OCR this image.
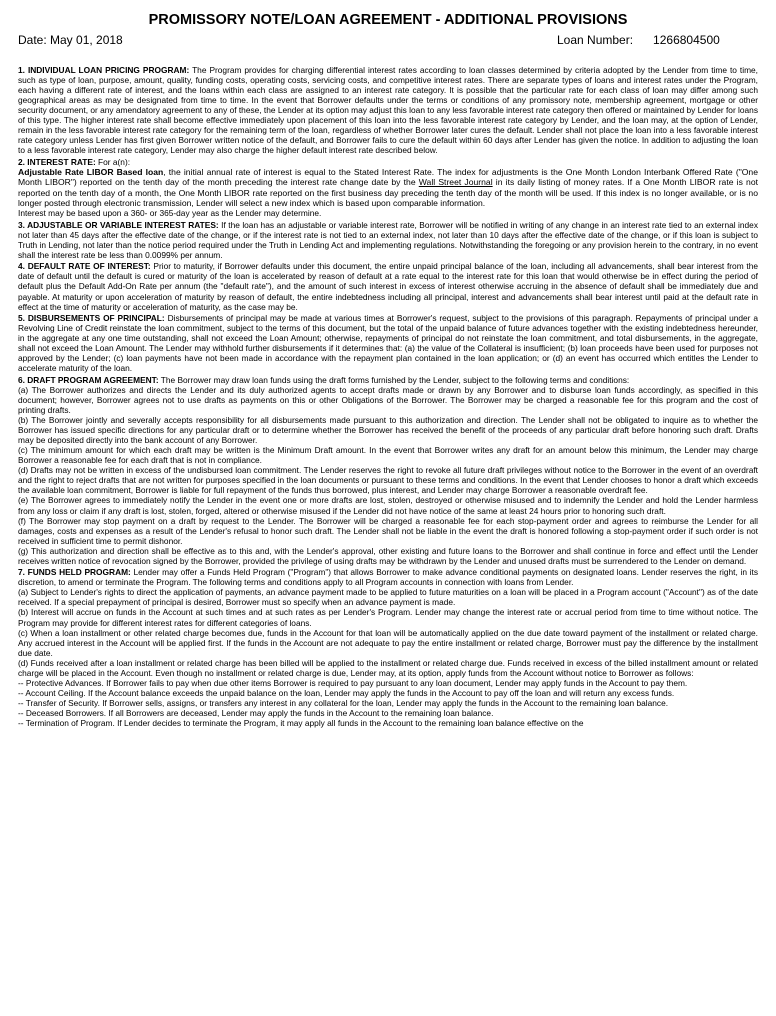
PROMISSORY NOTE/LOAN AGREEMENT - ADDITIONAL PROVISIONS
Date: May 01, 2018	Loan Number: 1266804500

1. INDIVIDUAL LOAN PRICING PROGRAM: The Program provides for charging differential interest rates according to loan classes determined by criteria adopted by the Lender from time to time, such as type of loan, purpose, amount, quality, funding costs, operating costs, servicing costs, and competitive interest rates. There are separate types of loans and interest rates under the Program, each having a different rate of interest, and the loans within each class are assigned to an interest rate category. It is possible that the particular rate for each class of loan may differ among such geographical areas as may be designated from time to time. In the event that Borrower defaults under the terms or conditions of any promissory note, membership agreement, mortgage or other security document, or any amendatory agreement to any of these, the Lender at its option may adjust this loan to any less favorable interest rate category then offered or maintained by Lender for loans of this type. The higher interest rate shall become effective immediately upon placement of this loan into the less favorable interest rate category by Lender, and the loan may, at the option of Lender, remain in the less favorable interest rate category for the remaining term of the loan, regardless of whether Borrower later cures the default. Lender shall not place the loan into a less favorable interest rate category unless Lender has first given Borrower written notice of the default, and Borrower fails to cure the default within 60 days after Lender has given the notice. In addition to adjusting the loan to a less favorable interest rate category, Lender may also charge the higher default interest rate described below.

2. INTEREST RATE: For a(n):

Adjustable Rate LIBOR Based loan, the initial annual rate of interest is equal to the Stated Interest Rate. The index for adjustments is the One Month London Interbank Offered Rate ("One Month LIBOR") reported on the tenth day of the month preceding the interest rate change date by the Wall Street Journal in its daily listing of money rates. If a One Month LIBOR rate is not reported on the tenth day of a month, the One Month LIBOR rate reported on the first business day preceding the tenth day of the month will be used. If this index is no longer available, or is no longer posted through electronic transmission, Lender will select a new index which is based upon comparable information.

Interest may be based upon a 360- or 365-day year as the Lender may determine.

3. ADJUSTABLE OR VARIABLE INTEREST RATES: If the loan has an adjustable or variable interest rate, Borrower will be notified in writing of any change in an interest rate tied to an external index not later than 45 days after the effective date of the change, or if the interest rate is not tied to an external index, not later than 10 days after the effective date of the change, or if this loan is subject to Truth in Lending, not later than the notice period required under the Truth in Lending Act and implementing regulations. Notwithstanding the foregoing or any provision herein to the contrary, in no event shall the interest rate be less than 0.0099% per annum.

4. DEFAULT RATE OF INTEREST: Prior to maturity, if Borrower defaults under this document, the entire unpaid principal balance of the loan, including all advancements, shall bear interest from the date of default until the default is cured or maturity of the loan is accelerated by reason of default at a rate equal to the interest rate for this loan that would otherwise be in effect during the period of default plus the Default Add-On Rate per annum (the "default rate"), and the amount of such interest in excess of interest otherwise accruing in the absence of default shall be immediately due and payable. At maturity or upon acceleration of maturity by reason of default, the entire indebtedness including all principal, interest and advancements shall bear interest until paid at the default rate in effect at the time of maturity or acceleration of maturity, as the case may be.

5. DISBURSEMENTS OF PRINCIPAL: Disbursements of principal may be made at various times at Borrower's request, subject to the provisions of this paragraph. Repayments of principal under a Revolving Line of Credit reinstate the loan commitment, subject to the terms of this document, but the total of the unpaid balance of future advances together with the existing indebtedness hereunder, in the aggregate at any one time outstanding, shall not exceed the Loan Amount; otherwise, repayments of principal do not reinstate the loan commitment, and total disbursements, in the aggregate, shall not exceed the Loan Amount. The Lender may withhold further disbursements if it determines that: (a) the value of the Collateral is insufficient; (b) loan proceeds have been used for purposes not approved by the Lender; (c) loan payments have not been made in accordance with the repayment plan contained in the loan application; or (d) an event has occurred which entitles the Lender to accelerate maturity of the loan.

6. DRAFT PROGRAM AGREEMENT: The Borrower may draw loan funds using the draft forms furnished by the Lender, subject to the following terms and conditions:

(a) The Borrower authorizes and directs the Lender and its duly authorized agents to accept drafts made or drawn by any Borrower and to disburse loan funds accordingly, as specified in this document; however, Borrower agrees not to use drafts as payments on this or other Obligations of the Borrower. The Borrower may be charged a reasonable fee for this program and the cost of printing drafts.

(b) The Borrower jointly and severally accepts responsibility for all disbursements made pursuant to this authorization and direction. The Lender shall not be obligated to inquire as to whether the Borrower has issued specific directions for any particular draft or to determine whether the Borrower has received the benefit of the proceeds of any particular draft before honoring such draft. Drafts may be deposited directly into the bank account of any Borrower.

(c) The minimum amount for which each draft may be written is the Minimum Draft amount. In the event that Borrower writes any draft for an amount below this minimum, the Lender may charge Borrower a reasonable fee for each draft that is not in compliance.

(d) Drafts may not be written in excess of the undisbursed loan commitment. The Lender reserves the right to revoke all future draft privileges without notice to the Borrower in the event of an overdraft and the right to reject drafts that are not written for purposes specified in the loan documents or pursuant to these terms and conditions. In the event that Lender chooses to honor a draft which exceeds the available loan commitment, Borrower is liable for full repayment of the funds thus borrowed, plus interest, and Lender may charge Borrower a reasonable overdraft fee.

(e) The Borrower agrees to immediately notify the Lender in the event one or more drafts are lost, stolen, destroyed or otherwise misused and to indemnify the Lender and hold the Lender harmless from any loss or claim if any draft is lost, stolen, forged, altered or otherwise misused if the Lender did not have notice of the same at least 24 hours prior to honoring such draft.

(f) The Borrower may stop payment on a draft by request to the Lender. The Borrower will be charged a reasonable fee for each stop-payment order and agrees to reimburse the Lender for all damages, costs and expenses as a result of the Lender's refusal to honor such draft. The Lender shall not be liable in the event the draft is honored following a stop-payment order if such order is not received in sufficient time to permit dishonor.

(g) This authorization and direction shall be effective as to this and, with the Lender's approval, other existing and future loans to the Borrower and shall continue in force and effect until the Lender receives written notice of revocation signed by the Borrower, provided the privilege of using drafts may be withdrawn by the Lender and unused drafts must be surrendered to the Lender on demand.

7. FUNDS HELD PROGRAM: Lender may offer a Funds Held Program ("Program") that allows Borrower to make advance conditional payments on designated loans. Lender reserves the right, in its discretion, to amend or terminate the Program. The following terms and conditions apply to all Program accounts in connection with loans from Lender.

(a) Subject to Lender's rights to direct the application of payments, an advance payment made to be applied to future maturities on a loan will be placed in a Program account ("Account") as of the date received. If a special prepayment of principal is desired, Borrower must so specify when an advance payment is made.

(b) Interest will accrue on funds in the Account at such times and at such rates as per Lender's Program. Lender may change the interest rate or accrual period from time to time without notice. The Program may provide for different interest rates for different categories of loans.

(c) When a loan installment or other related charge becomes due, funds in the Account for that loan will be automatically applied on the due date toward payment of the installment or related charge. Any accrued interest in the Account will be applied first. If the funds in the Account are not adequate to pay the entire installment or related charge, Borrower must pay the difference by the installment due date.

(d) Funds received after a loan installment or related charge has been billed will be applied to the installment or related charge due. Funds received in excess of the billed installment amount or related charge will be placed in the Account. Even though no installment or related charge is due, Lender may, at its option, apply funds from the Account without notice to Borrower as follows:

-- Protective Advances. If Borrower fails to pay when due other items Borrower is required to pay pursuant to any loan document, Lender may apply funds in the Account to pay them.

-- Account Ceiling. If the Account balance exceeds the unpaid balance on the loan, Lender may apply the funds in the Account to pay off the loan and will return any excess funds.

-- Transfer of Security. If Borrower sells, assigns, or transfers any interest in any collateral for the loan, Lender may apply the funds in the Account to the remaining loan balance.

-- Deceased Borrowers. If all Borrowers are deceased, Lender may apply the funds in the Account to the remaining loan balance.

-- Termination of Program. If Lender decides to terminate the Program, it may apply all funds in the Account to the remaining loan balance effective on the
